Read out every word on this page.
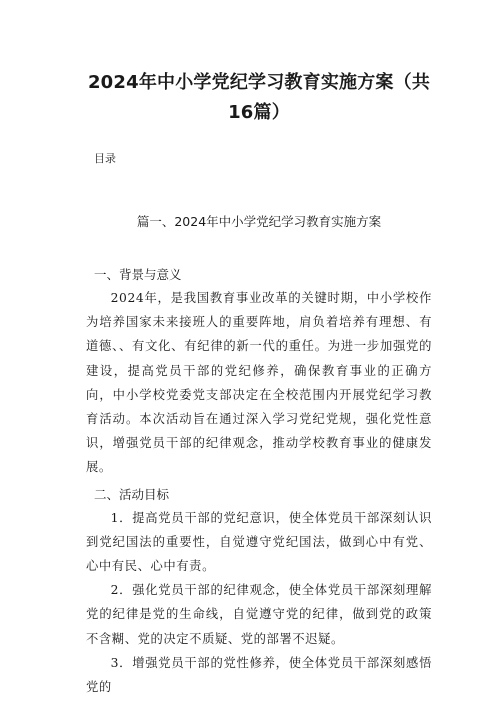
2024年中小学党纪学习教育实施方案（共
16篇）
目录
篇一、2024年中小学党纪学习教育实施方案
一、背景与意义

2024年，是我国教育事业改革的关键时期，中小学校作为培养国家未来接班人的重要阵地，肩负着培养有理想、有道德、、有文化、有纪律的新一代的重任。为进一步加强党的建设，提高党员干部的党纪修养，确保教育事业的正确方向，中小学校党委党支部决定在全校范围内开展党纪学习教育活动。本次活动旨在通过深入学习党纪党规，强化党性意识，增强党员干部的纪律观念，推动学校教育事业的健康发展。

二、活动目标

1．提高党员干部的党纪意识，使全体党员干部深刻认识到党纪国法的重要性，自觉遵守党纪国法，做到心中有党、心中有民、心中有责。

2．强化党员干部的纪律观念，使全体党员干部深刻理解党的纪律是党的生命线，自觉遵守党的纪律，做到党的政策不含糊、党的决定不质疑、党的部署不迟疑。

3．增强党员干部的党性修养，使全体党员干部深刻感悟党的
